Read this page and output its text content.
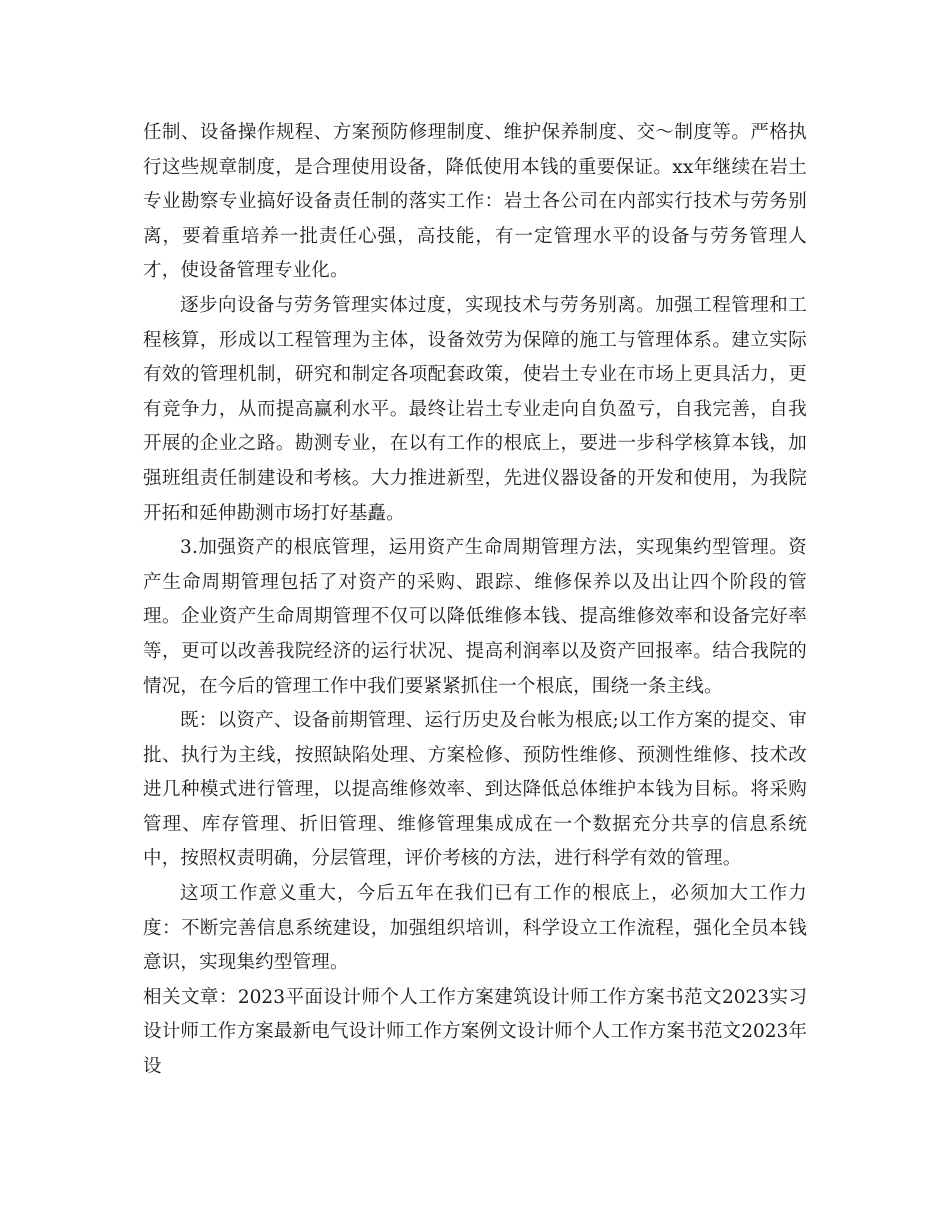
任制、设备操作规程、方案预防修理制度、维护保养制度、交～制度等。严格执行这些规章制度，是合理使用设备，降低使用本钱的重要保证。xx年继续在岩土专业勘察专业搞好设备责任制的落实工作：岩土各公司在内部实行技术与劳务别离，要着重培养一批责任心强，高技能，有一定管理水平的设备与劳务管理人才，使设备管理专业化。

逐步向设备与劳务管理实体过度，实现技术与劳务别离。加强工程管理和工程核算，形成以工程管理为主体，设备效劳为保障的施工与管理体系。建立实际有效的管理机制，研究和制定各项配套政策，使岩土专业在市场上更具活力，更有竞争力，从而提高赢利水平。最终让岩土专业走向自负盈亏，自我完善，自我开展的企业之路。勘测专业，在以有工作的根底上，要进一步科学核算本钱，加强班组责任制建设和考核。大力推进新型，先进仪器设备的开发和使用，为我院开拓和延伸勘测市场打好基矗。

3.加强资产的根底管理，运用资产生命周期管理方法，实现集约型管理。资产生命周期管理包括了对资产的采购、跟踪、维修保养以及出让四个阶段的管理。企业资产生命周期管理不仅可以降低维修本钱、提高维修效率和设备完好率等，更可以改善我院经济的运行状况、提高利润率以及资产回报率。结合我院的情况，在今后的管理工作中我们要紧紧抓住一个根底，围绕一条主线。

既：以资产、设备前期管理、运行历史及台帐为根底;以工作方案的提交、审批、执行为主线，按照缺陷处理、方案检修、预防性维修、预测性维修、技术改进几种模式进行管理，以提高维修效率、到达降低总体维护本钱为目标。将采购管理、库存管理、折旧管理、维修管理集成成在一个数据充分共享的信息系统中，按照权责明确，分层管理，评价考核的方法，进行科学有效的管理。

这项工作意义重大，今后五年在我们已有工作的根底上，必须加大工作力度：不断完善信息系统建设，加强组织培训，科学设立工作流程，强化全员本钱意识，实现集约型管理。

相关文章：2023平面设计师个人工作方案建筑设计师工作方案书范文2023实习设计师工作方案最新电气设计师工作方案例文设计师个人工作方案书范文2023年设
